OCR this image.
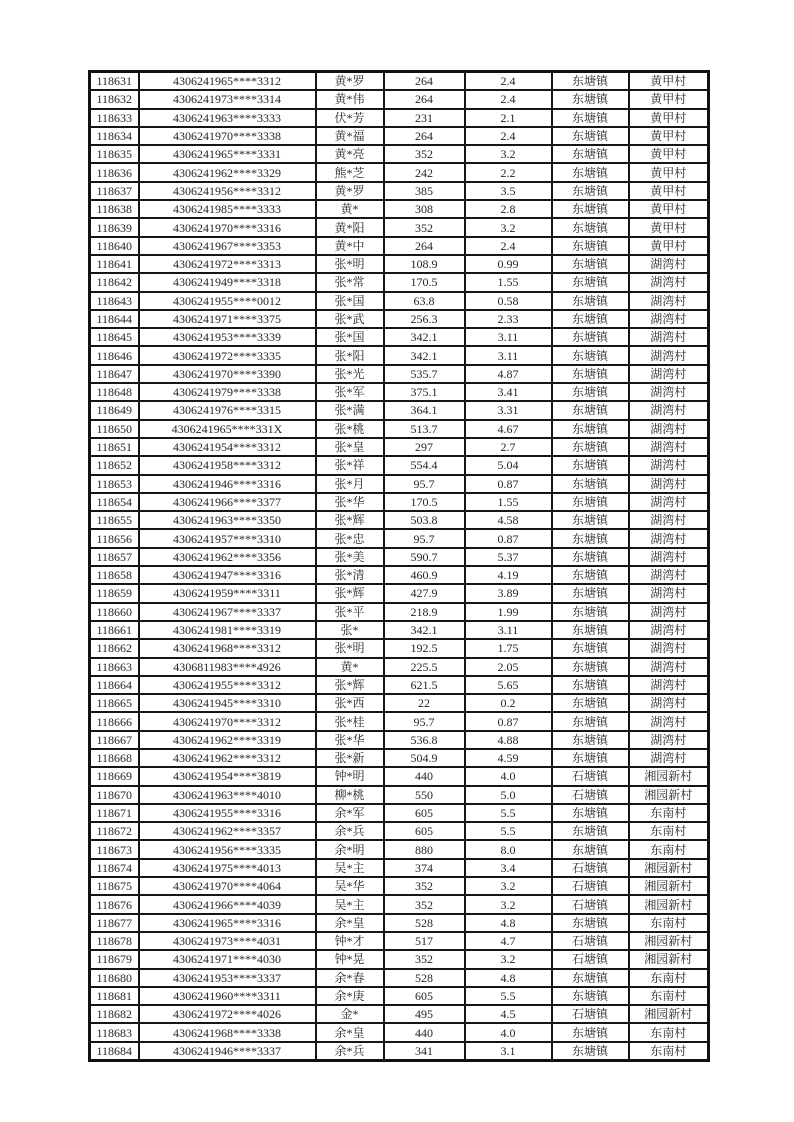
118631	4306241965****3312	黄*罗	264	2.4	东塘镇	黄甲村
118632	4306241973****3314	黄*伟	264	2.4	东塘镇	黄甲村
118633	4306241963****3333	伏*芳	231	2.1	东塘镇	黄甲村
118634	4306241970****3338	黄*福	264	2.4	东塘镇	黄甲村
118635	4306241965****3331	黄*亮	352	3.2	东塘镇	黄甲村
118636	4306241962****3329	熊*芝	242	2.2	东塘镇	黄甲村
118637	4306241956****3312	黄*罗	385	3.5	东塘镇	黄甲村
118638	4306241985****3333	黄*	308	2.8	东塘镇	黄甲村
118639	4306241970****3316	黄*阳	352	3.2	东塘镇	黄甲村
118640	4306241967****3353	黄*中	264	2.4	东塘镇	黄甲村
118641	4306241972****3313	张*明	108.9	0.99	东塘镇	湖湾村
118642	4306241949****3318	张*常	170.5	1.55	东塘镇	湖湾村
118643	4306241955****0012	张*国	63.8	0.58	东塘镇	湖湾村
118644	4306241971****3375	张*武	256.3	2.33	东塘镇	湖湾村
118645	4306241953****3339	张*国	342.1	3.11	东塘镇	湖湾村
118646	4306241972****3335	张*阳	342.1	3.11	东塘镇	湖湾村
118647	4306241970****3390	张*光	535.7	4.87	东塘镇	湖湾村
118648	4306241979****3338	张*军	375.1	3.41	东塘镇	湖湾村
118649	4306241976****3315	张*满	364.1	3.31	东塘镇	湖湾村
118650	4306241965****331X	张*桃	513.7	4.67	东塘镇	湖湾村
118651	4306241954****3312	张*皇	297	2.7	东塘镇	湖湾村
118652	4306241958****3312	张*祥	554.4	5.04	东塘镇	湖湾村
118653	4306241946****3316	张*月	95.7	0.87	东塘镇	湖湾村
118654	4306241966****3377	张*华	170.5	1.55	东塘镇	湖湾村
118655	4306241963****3350	张*辉	503.8	4.58	东塘镇	湖湾村
118656	4306241957****3310	张*忠	95.7	0.87	东塘镇	湖湾村
118657	4306241962****3356	张*美	590.7	5.37	东塘镇	湖湾村
118658	4306241947****3316	张*清	460.9	4.19	东塘镇	湖湾村
118659	4306241959****3311	张*辉	427.9	3.89	东塘镇	湖湾村
118660	4306241967****3337	张*平	218.9	1.99	东塘镇	湖湾村
118661	4306241981****3319	张*	342.1	3.11	东塘镇	湖湾村
118662	4306241968****3312	张*明	192.5	1.75	东塘镇	湖湾村
118663	4306811983****4926	黄*	225.5	2.05	东塘镇	湖湾村
118664	4306241955****3312	张*辉	621.5	5.65	东塘镇	湖湾村
118665	4306241945****3310	张*西	22	0.2	东塘镇	湖湾村
118666	4306241970****3312	张*桂	95.7	0.87	东塘镇	湖湾村
118667	4306241962****3319	张*华	536.8	4.88	东塘镇	湖湾村
118668	4306241962****3312	张*新	504.9	4.59	东塘镇	湖湾村
118669	4306241954****3819	钟*明	440	4.0	石塘镇	湘园新村
118670	4306241963****4010	柳*桃	550	5.0	石塘镇	湘园新村
118671	4306241955****3316	余*军	605	5.5	东塘镇	东南村
118672	4306241962****3357	余*兵	605	5.5	东塘镇	东南村
118673	4306241956****3335	余*明	880	8.0	东塘镇	东南村
118674	4306241975****4013	吴*主	374	3.4	石塘镇	湘园新村
118675	4306241970****4064	吴*华	352	3.2	石塘镇	湘园新村
118676	4306241966****4039	吴*主	352	3.2	石塘镇	湘园新村
118677	4306241965****3316	余*皇	528	4.8	东塘镇	东南村
118678	4306241973****4031	钟*才	517	4.7	石塘镇	湘园新村
118679	4306241971****4030	钟*晃	352	3.2	石塘镇	湘园新村
118680	4306241953****3337	余*春	528	4.8	东塘镇	东南村
118681	4306241960****3311	余*庚	605	5.5	东塘镇	东南村
118682	4306241972****4026	金*	495	4.5	石塘镇	湘园新村
118683	4306241968****3338	余*皇	440	4.0	东塘镇	东南村
118684	4306241946****3337	余*兵	341	3.1	东塘镇	东南村
